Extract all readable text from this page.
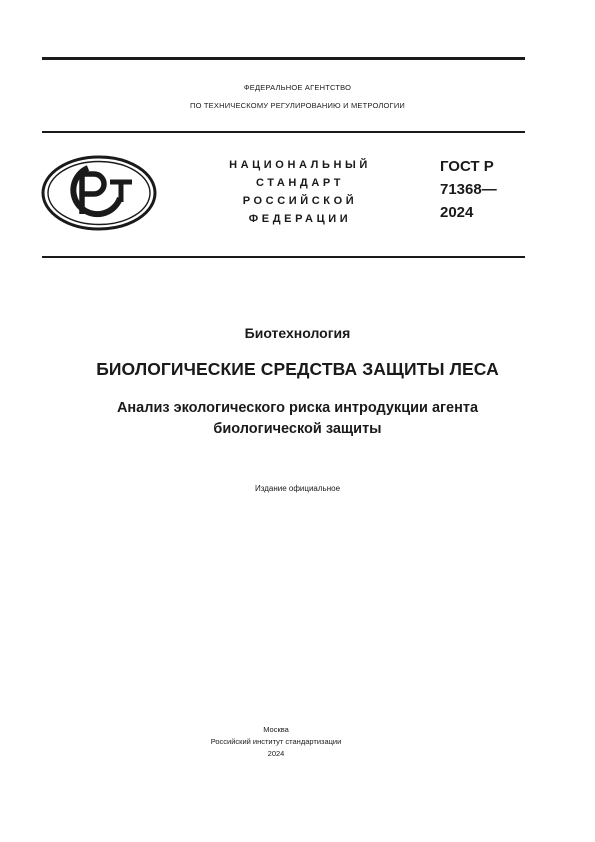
ФЕДЕРАЛЬНОЕ АГЕНТСТВО
ПО ТЕХНИЧЕСКОМУ РЕГУЛИРОВАНИЮ И МЕТРОЛОГИИ
НАЦИОНАЛЬНЫЙ
СТАНДАРТ
РОССИЙСКОЙ
ФЕДЕРАЦИИ
ГОСТ Р
71368—
2024
Биотехнология
БИОЛОГИЧЕСКИЕ СРЕДСТВА ЗАЩИТЫ ЛЕСА
Анализ экологического риска интродукции агента
биологической защиты
Издание официальное
Москва
Российский институт стандартизации
2024
